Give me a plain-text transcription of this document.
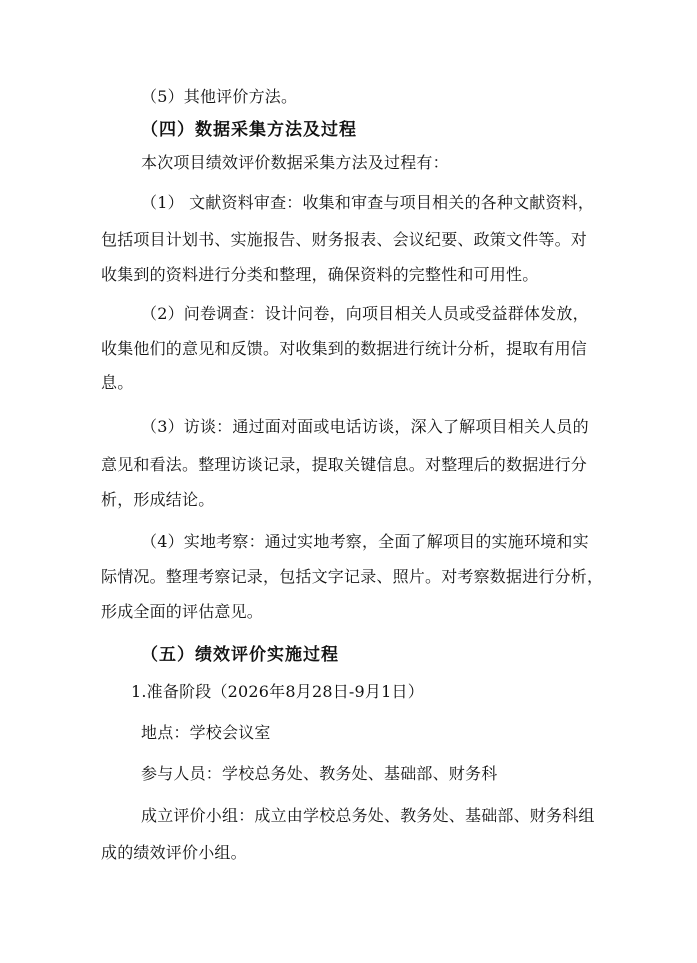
（5）其他评价方法。
（四）数据采集方法及过程
本次项目绩效评价数据采集方法及过程有：
（1） 文献资料审查：收集和审查与项目相关的各种文献资料，
包括项目计划书、实施报告、财务报表、会议纪要、政策文件等。对
收集到的资料进行分类和整理，确保资料的完整性和可用性。
（2）问卷调查：设计问卷，向项目相关人员或受益群体发放，
收集他们的意见和反馈。对收集到的数据进行统计分析，提取有用信
息。
（3）访谈：通过面对面或电话访谈，深入了解项目相关人员的
意见和看法。整理访谈记录，提取关键信息。对整理后的数据进行分
析，形成结论。
（4）实地考察：通过实地考察，全面了解项目的实施环境和实
际情况。整理考察记录，包括文字记录、照片。对考察数据进行分析，
形成全面的评估意见。
（五）绩效评价实施过程
1.准备阶段（2026年8月28日-9月1日）
地点：学校会议室
参与人员：学校总务处、教务处、基础部、财务科
成立评价小组：成立由学校总务处、教务处、基础部、财务科组
成的绩效评价小组。
